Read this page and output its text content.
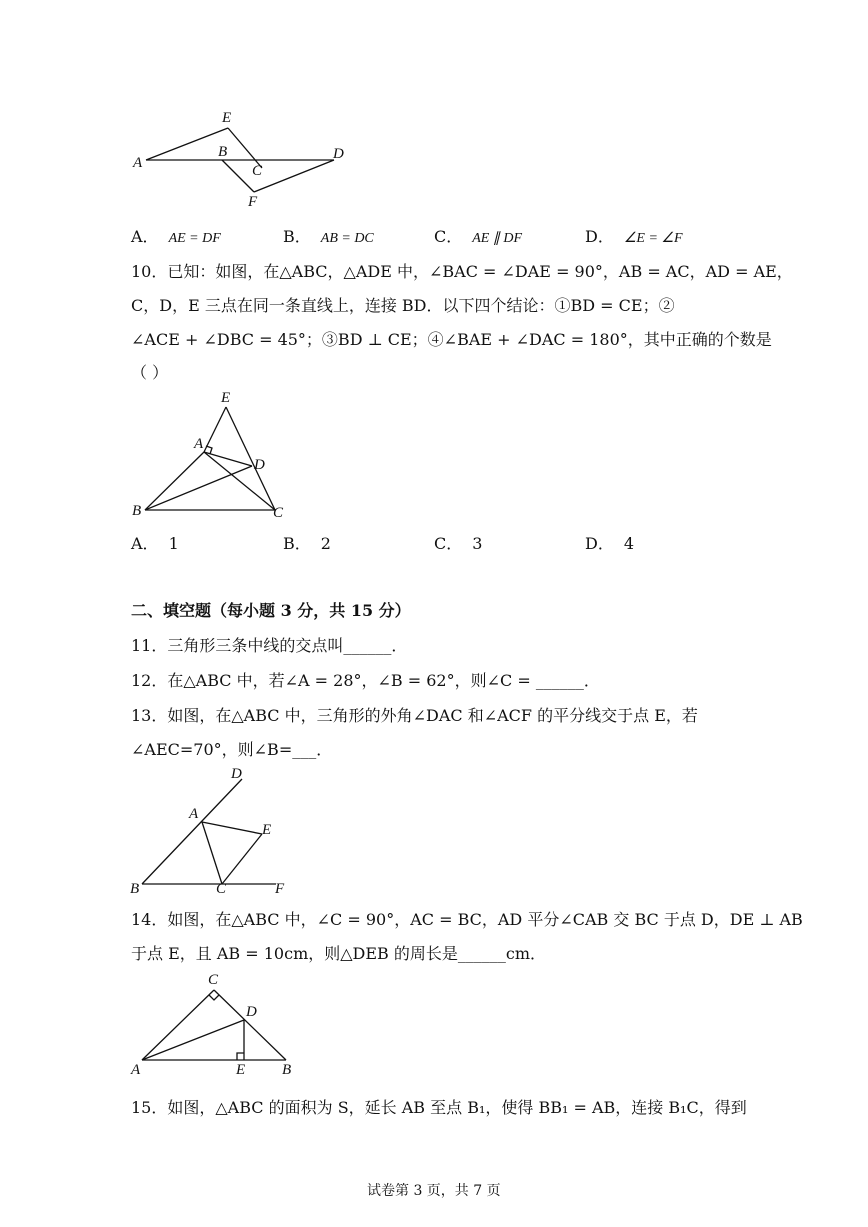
E
A
B
C
D
F
A． AE = DF	B． AB = DC	C． AE ∥ DF	D． ∠E = ∠F
10．已知：如图，在△ABC，△ADE 中，∠BAC = ∠DAE = 90°，AB = AC，AD = AE，
C，D，E 三点在同一条直线上，连接 BD．以下四个结论：①BD = CE；②
∠ACE + ∠DBC = 45°；③BD ⊥ CE；④∠BAE + ∠DAC = 180°，其中正确的个数是
（ ）
E
A
D
B	C
A． 1	B． 2	C． 3	D． 4
二、填空题（每小题 3 分，共 15 分）
11．三角形三条中线的交点叫______．
12．在△ABC 中，若∠A = 28°，∠B = 62°，则∠C = ______．
13．如图，在△ABC 中，三角形的外角∠DAC 和∠ACF 的平分线交于点 E，若
∠AEC=70°，则∠B=___．
D
A
E
B	C	F
14．如图，在△ABC 中，∠C = 90°，AC = BC，AD 平分∠CAB 交 BC 于点 D，DE ⊥ AB
于点 E，且 AB = 10cm，则△DEB 的周长是______cm．
C
D
A	E B
15．如图，△ABC 的面积为 S，延长 AB 至点 B₁，使得 BB₁ = AB，连接 B₁C，得到
试卷第 3 页，共 7 页
